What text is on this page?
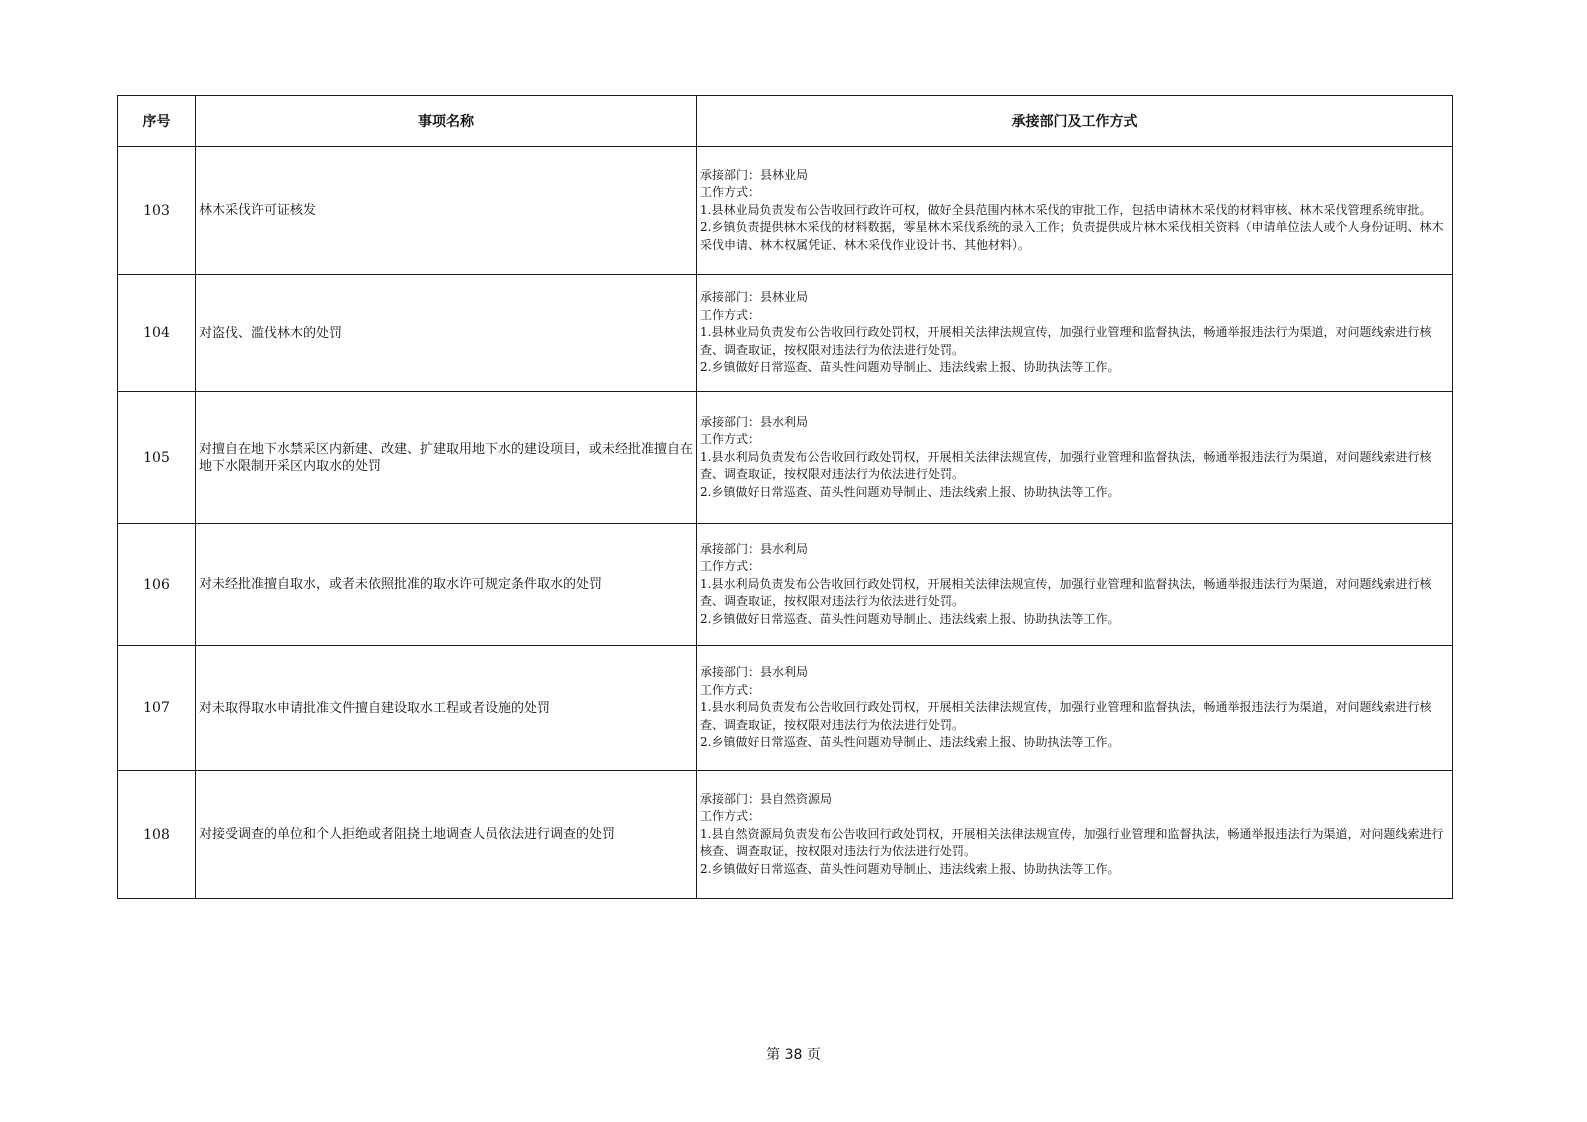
序号	事项名称	承接部门及工作方式
103	林木采伐许可证核发	承接部门：县林业局
工作方式：
1.县林业局负责发布公告收回行政许可权，做好全县范围内林木采伐的审批工作，包括申请林木采伐的材料审核、林木采伐管理系统审批。
2.乡镇负责提供林木采伐的材料数据，零星林木采伐系统的录入工作；负责提供成片林木采伐相关资料（申请单位法人或个人身份证明、林木采伐申请、林木权属凭证、林木采伐作业设计书、其他材料）。

104	对盗伐、滥伐林木的处罚	承接部门：县林业局
工作方式：
1.县林业局负责发布公告收回行政处罚权，开展相关法律法规宣传，加强行业管理和监督执法，畅通举报违法行为渠道，对问题线索进行核查、调查取证，按权限对违法行为依法进行处罚。
2.乡镇做好日常巡查、苗头性问题劝导制止、违法线索上报、协助执法等工作。

105	对擅自在地下水禁采区内新建、改建、扩建取用地下水的建设项目，或未经批准擅自在地下水限制开采区内取水的处罚	承接部门：县水利局
工作方式：
1.县水利局负责发布公告收回行政处罚权，开展相关法律法规宣传，加强行业管理和监督执法，畅通举报违法行为渠道，对问题线索进行核查、调查取证，按权限对违法行为依法进行处罚。
2.乡镇做好日常巡查、苗头性问题劝导制止、违法线索上报、协助执法等工作。

106	对未经批准擅自取水，或者未依照批准的取水许可规定条件取水的处罚	承接部门：县水利局
工作方式：
1.县水利局负责发布公告收回行政处罚权，开展相关法律法规宣传，加强行业管理和监督执法，畅通举报违法行为渠道，对问题线索进行核查、调查取证，按权限对违法行为依法进行处罚。
2.乡镇做好日常巡查、苗头性问题劝导制止、违法线索上报、协助执法等工作。

107	对未取得取水申请批准文件擅自建设取水工程或者设施的处罚	承接部门：县水利局
工作方式：
1.县水利局负责发布公告收回行政处罚权，开展相关法律法规宣传，加强行业管理和监督执法，畅通举报违法行为渠道，对问题线索进行核查、调查取证，按权限对违法行为依法进行处罚。
2.乡镇做好日常巡查、苗头性问题劝导制止、违法线索上报、协助执法等工作。

108	对接受调查的单位和个人拒绝或者阻挠土地调查人员依法进行调查的处罚	承接部门：县自然资源局
工作方式：
1.县自然资源局负责发布公告收回行政处罚权，开展相关法律法规宣传，加强行业管理和监督执法，畅通举报违法行为渠道，对问题线索进行核查、调查取证，按权限对违法行为依法进行处罚。
2.乡镇做好日常巡查、苗头性问题劝导制止、违法线索上报、协助执法等工作。
第 38 页
